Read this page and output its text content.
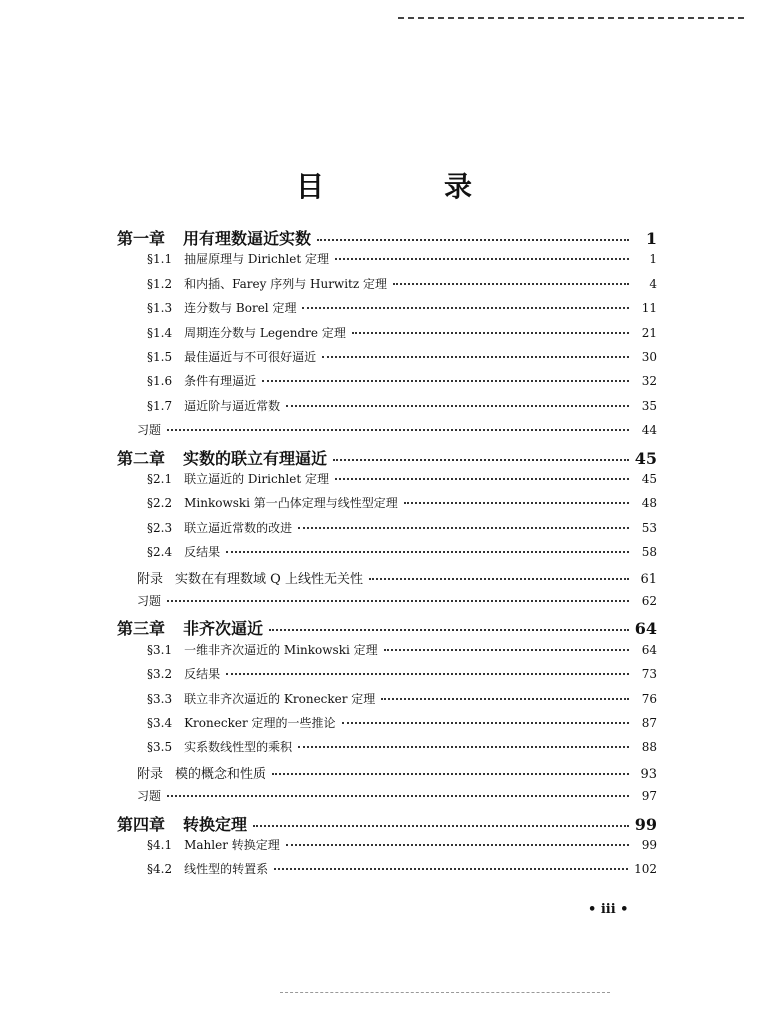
目　录
第一章 用有理数逼近实数	1
§1.1 抽屉原理与 Dirichlet 定理	1
§1.2 和内插、Farey 序列与 Hurwitz 定理	4
§1.3 连分数与 Borel 定理	11
§1.4 周期连分数与 Legendre 定理	21
§1.5 最佳逼近与不可很好逼近	30
§1.6 条件有理逼近	32
§1.7 逼近阶与逼近常数	35
习题	44
第二章 实数的联立有理逼近	45
§2.1 联立逼近的 Dirichlet 定理	45
§2.2 Minkowski 第一凸体定理与线性型定理	48
§2.3 联立逼近常数的改进	53
§2.4 反结果	58
附录 实数在有理数域 Q 上线性无关性	61
习题	62
第三章 非齐次逼近	64
§3.1 一维非齐次逼近的 Minkowski 定理	64
§3.2 反结果	73
§3.3 联立非齐次逼近的 Kronecker 定理	76
§3.4 Kronecker 定理的一些推论	87
§3.5 实系数线性型的乘积	88
附录 模的概念和性质	93
习题	97
第四章 转换定理	99
§4.1 Mahler 转换定理	99
§4.2 线性型的转置系	102
• iii •
